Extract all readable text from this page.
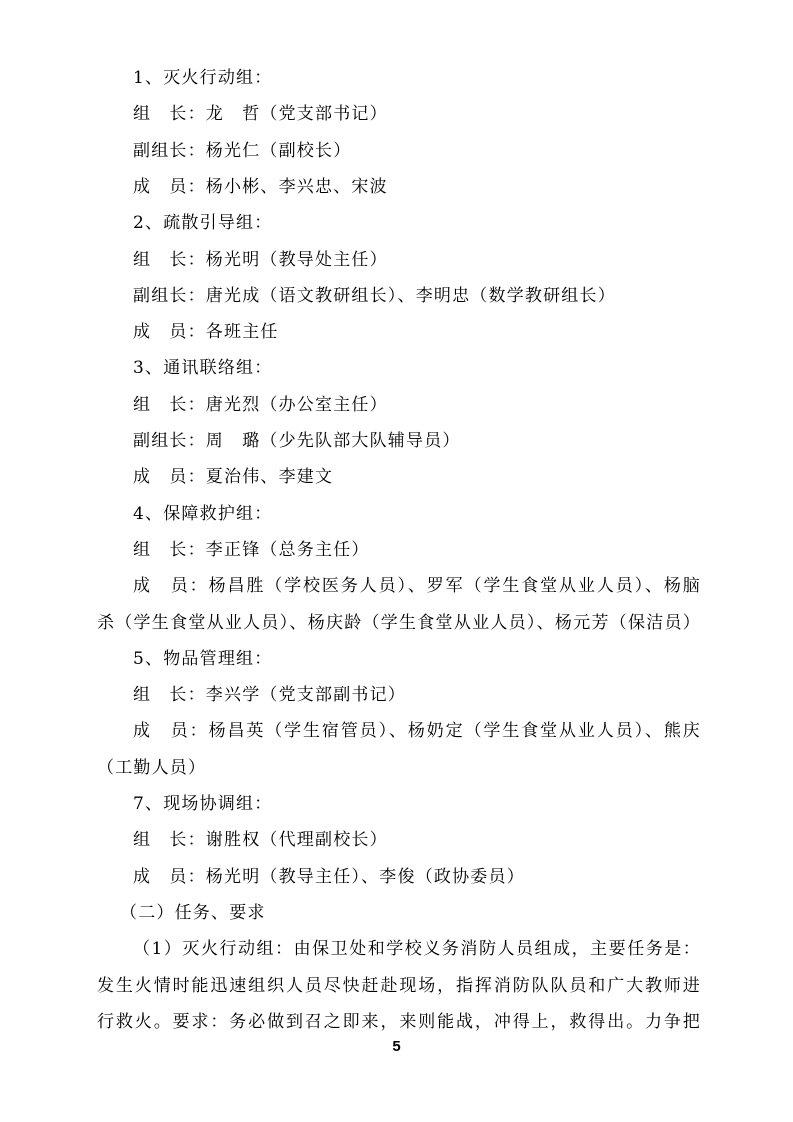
1、灭火行动组：
组　长：龙　哲（党支部书记）
副组长：杨光仁（副校长）
成　员：杨小彬、李兴忠、宋波
2、疏散引导组：
组　长：杨光明（教导处主任）
副组长：唐光成（语文教研组长）、李明忠（数学教研组长）
成　员：各班主任
3、通讯联络组：
组　长：唐光烈（办公室主任）
副组长：周　璐（少先队部大队辅导员）
成　员：夏治伟、李建文
4、保障救护组：
组　长：李正锋（总务主任）
成　员：杨昌胜（学校医务人员）、罗军（学生食堂从业人员）、杨脑
杀（学生食堂从业人员）、杨庆龄（学生食堂从业人员）、杨元芳（保洁员）
5、物品管理组：
组　长：李兴学（党支部副书记）
成　员：杨昌英（学生宿管员）、杨奶定（学生食堂从业人员）、熊庆
（工勤人员）
7、现场协调组：
组　长：谢胜权（代理副校长）
成　员：杨光明（教导主任）、李俊（政协委员）
（二）任务、要求
（1）灭火行动组：由保卫处和学校义务消防人员组成，主要任务是：
发生火情时能迅速组织人员尽快赶赴现场，指挥消防队队员和广大教师进
行救火。要求：务必做到召之即来，来则能战，冲得上，救得出。力争把
5
